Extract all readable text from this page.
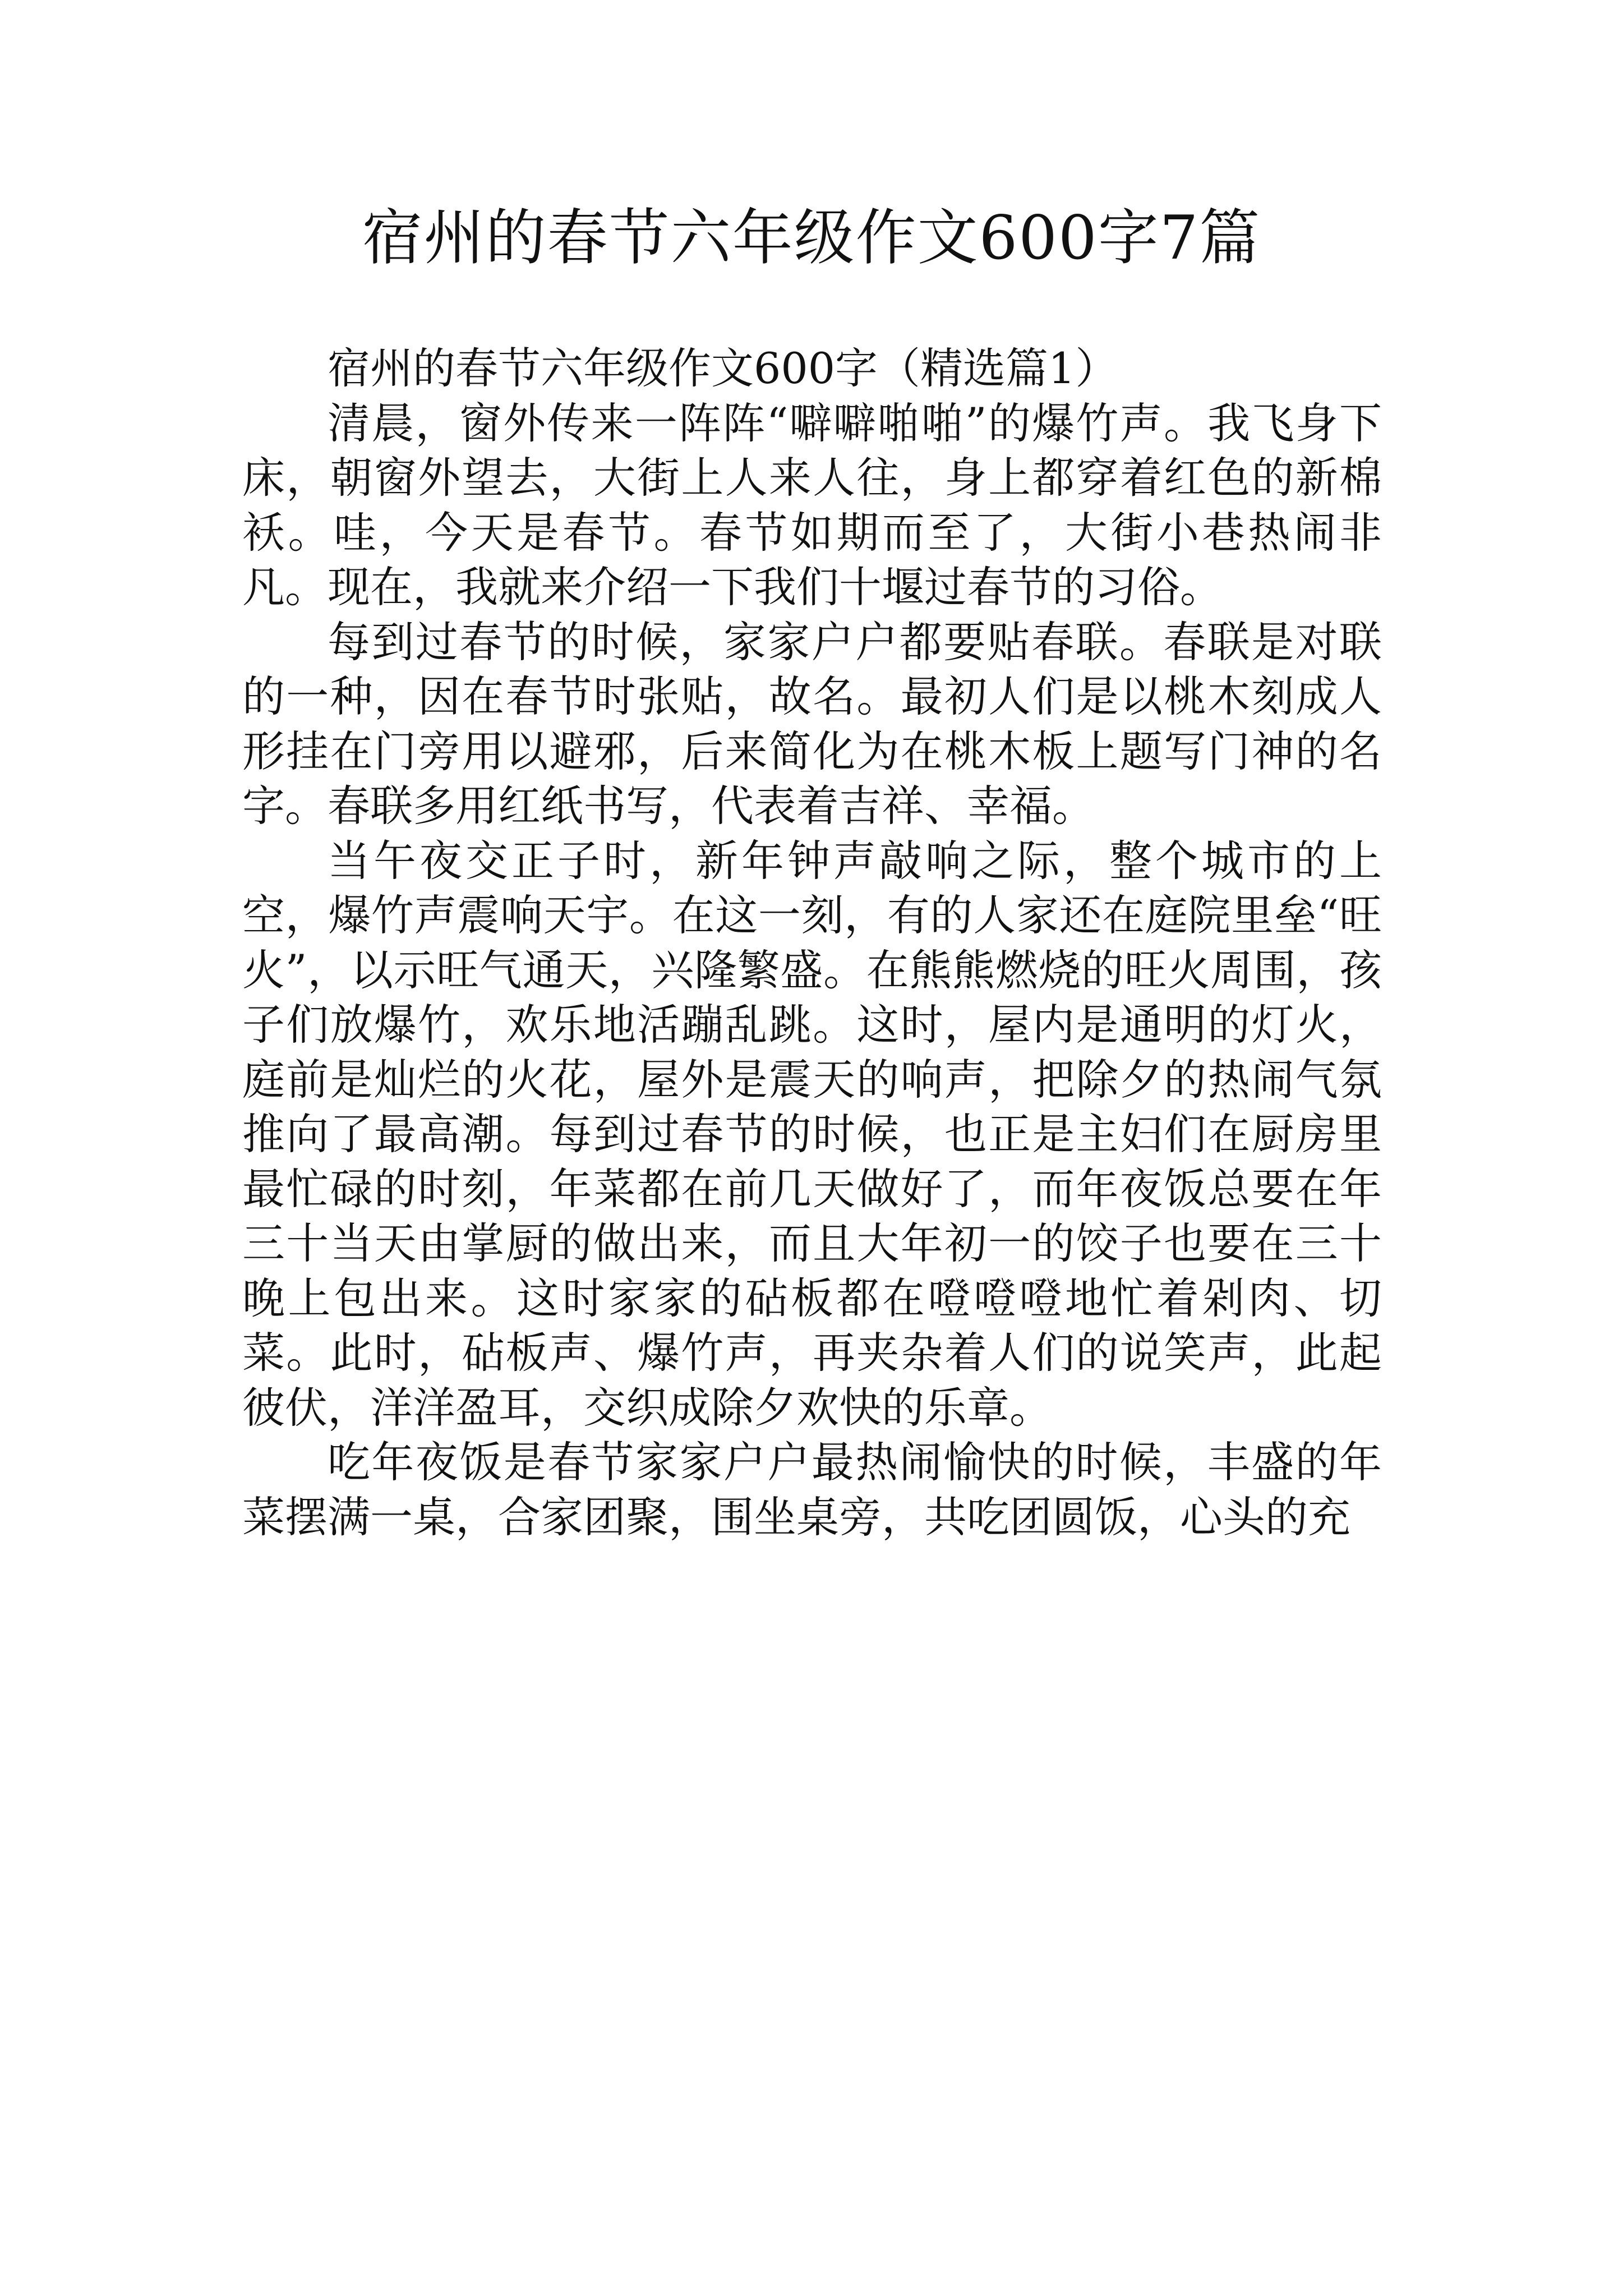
宿州的春节六年级作文600字7篇

宿州的春节六年级作文600字（精选篇1）

清晨，窗外传来一阵阵“噼噼啪啪”的爆竹声。我飞身下床，朝窗外望去，大街上人来人往，身上都穿着红色的新棉袄。哇，今天是春节。春节如期而至了，大街小巷热闹非凡。现在，我就来介绍一下我们十堰过春节的习俗。

每到过春节的时候，家家户户都要贴春联。春联是对联的一种，因在春节时张贴，故名。最初人们是以桃木刻成人形挂在门旁用以避邪，后来简化为在桃木板上题写门神的名字。春联多用红纸书写，代表着吉祥、幸福。

当午夜交正子时，新年钟声敲响之际，整个城市的上空，爆竹声震响天宇。在这一刻，有的人家还在庭院里垒“旺火”，以示旺气通天，兴隆繁盛。在熊熊燃烧的旺火周围，孩子们放爆竹，欢乐地活蹦乱跳。这时，屋内是通明的灯火，庭前是灿烂的火花，屋外是震天的响声，把除夕的热闹气氛推向了最高潮。每到过春节的时候，也正是主妇们在厨房里最忙碌的时刻，年菜都在前几天做好了，而年夜饭总要在年三十当天由掌厨的做出来，而且大年初一的饺子也要在三十晚上包出来。这时家家的砧板都在噔噔噔地忙着剁肉、切菜。此时，砧板声、爆竹声，再夹杂着人们的说笑声，此起彼伏，洋洋盈耳，交织成除夕欢快的乐章。

吃年夜饭是春节家家户户最热闹愉快的时候，丰盛的年菜摆满一桌，合家团聚，围坐桌旁，共吃团圆饭，心头的充
